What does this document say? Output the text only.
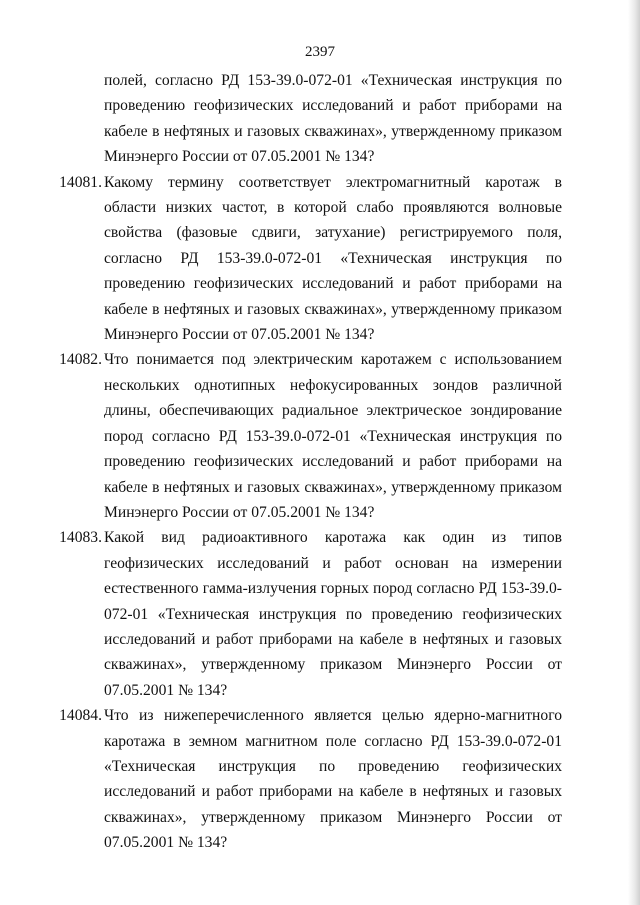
2397

полей, согласно РД 153-39.0-072-01 «Техническая инструкция по проведению геофизических исследований и работ приборами на кабеле в нефтяных и газовых скважинах», утвержденному приказом Минэнерго России от 07.05.2001 № 134?

14081. Какому термину соответствует электромагнитный каротаж в области низких частот, в которой слабо проявляются волновые свойства (фазовые сдвиги, затухание) регистрируемого поля, согласно РД 153-39.0-072-01 «Техническая инструкция по проведению геофизических исследований и работ приборами на кабеле в нефтяных и газовых скважинах», утвержденному приказом Минэнерго России от 07.05.2001 № 134?
14082. Что понимается под электрическим каротажем с использованием нескольких однотипных нефокусированных зондов различной длины, обеспечивающих радиальное электрическое зондирование пород согласно РД 153-39.0-072-01 «Техническая инструкция по проведению геофизических исследований и работ приборами на кабеле в нефтяных и газовых скважинах», утвержденному приказом Минэнерго России от 07.05.2001 № 134?
14083. Какой вид радиоактивного каротажа как один из типов геофизических исследований и работ основан на измерении естественного гамма-излучения горных пород согласно РД 153-39.0-072-01 «Техническая инструкция по проведению геофизических исследований и работ приборами на кабеле в нефтяных и газовых скважинах», утвержденному приказом Минэнерго России от 07.05.2001 № 134?
14084. Что из нижеперечисленного является целью ядерно-магнитного каротажа в земном магнитном поле согласно РД 153-39.0-072-01 «Техническая инструкция по проведению геофизических исследований и работ приборами на кабеле в нефтяных и газовых скважинах», утвержденному приказом Минэнерго России от 07.05.2001 № 134?
